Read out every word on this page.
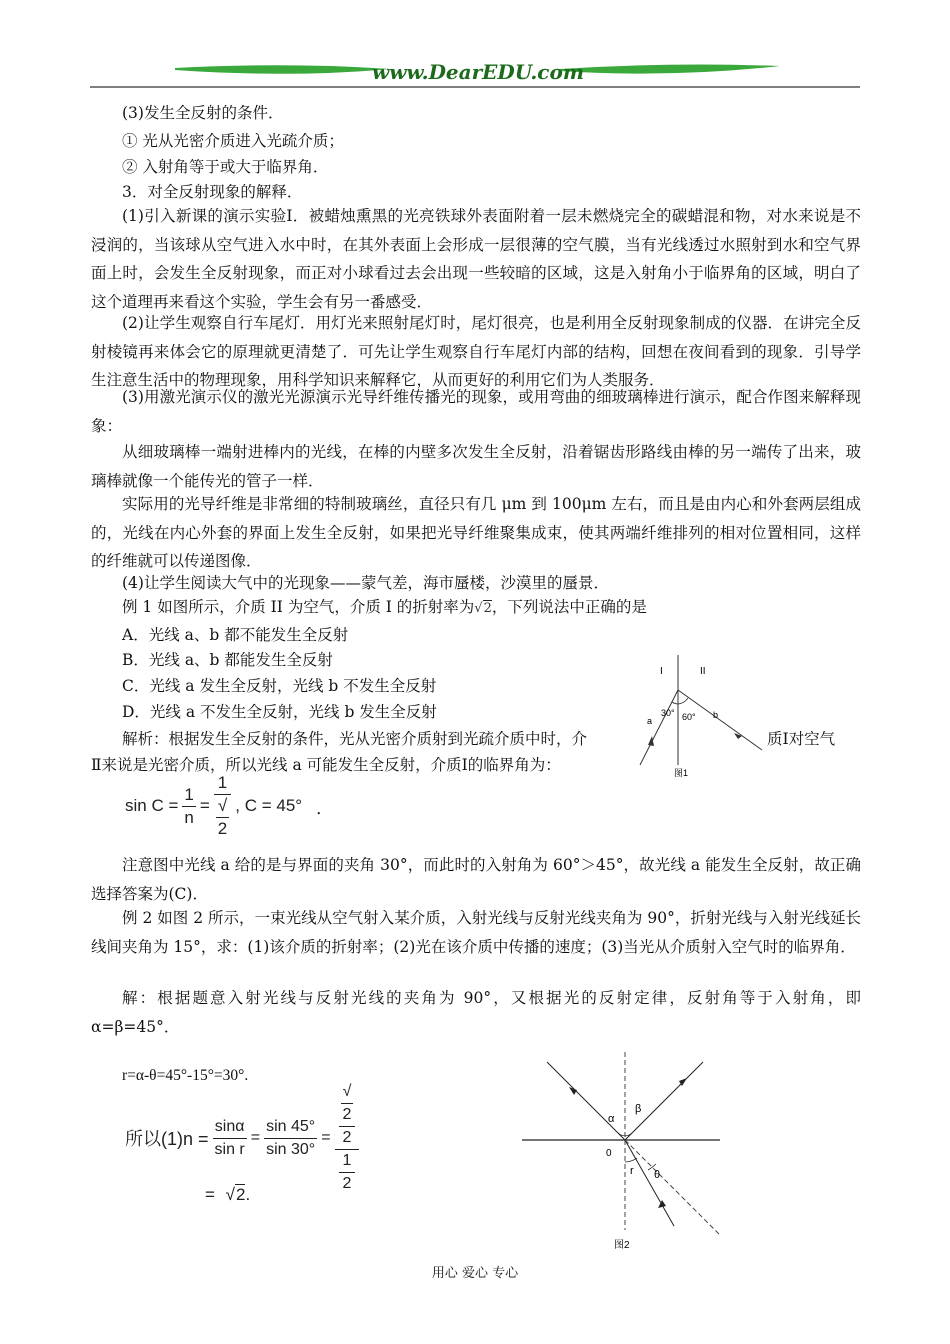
www.DearEDU.com
(3)发生全反射的条件．
① 光从光密介质进入光疏介质；
② 入射角等于或大于临界角．
3．对全反射现象的解释．
(1)引入新课的演示实验Ⅰ．被蜡烛熏黑的光亮铁球外表面附着一层未燃烧完全的碳蜡混和物，对水来说是不浸润的，当该球从空气进入水中时，在其外表面上会形成一层很薄的空气膜，当有光线透过水照射到水和空气界面上时，会发生全反射现象，而正对小球看过去会出现一些较暗的区域，这是入射角小于临界角的区域，明白了这个道理再来看这个实验，学生会有另一番感受．
(2)让学生观察自行车尾灯．用灯光来照射尾灯时，尾灯很亮，也是利用全反射现象制成的仪器．在讲完全反射棱镜再来体会它的原理就更清楚了．可先让学生观察自行车尾灯内部的结构，回想在夜间看到的现象．引导学生注意生活中的物理现象，用科学知识来解释它，从而更好的利用它们为人类服务．
(3)用激光演示仪的激光光源演示光导纤维传播光的现象，或用弯曲的细玻璃棒进行演示，配合作图来解释现象：
从细玻璃棒一端射进棒内的光线，在棒的内壁多次发生全反射，沿着锯齿形路线由棒的另一端传了出来，玻璃棒就像一个能传光的管子一样．
实际用的光导纤维是非常细的特制玻璃丝，直径只有几 μm 到 100μm 左右，而且是由内心和外套两层组成的，光线在内心外套的界面上发生全反射，如果把光导纤维聚集成束，使其两端纤维排列的相对位置相同，这样的纤维就可以传递图像．
(4)让学生阅读大气中的光现象——蒙气差，海市蜃楼，沙漠里的蜃景．
例 1 如图所示，介质 II 为空气，介质 I 的折射率为√2，下列说法中正确的是
A．光线 a、b 都不能发生全反射
B．光线 a、b 都能发生全反射
C．光线 a 发生全反射，光线 b 不发生全反射
D．光线 a 不发生全反射，光线 b 发生全反射
解析：根据发生全反射的条件，光从光密介质射到光疏介质中时，介	质Ⅰ对空气
Ⅱ来说是光密介质，所以光线 a 可能发生全反射，介质Ⅰ的临界角为：
$\sin C = \frac{1}{n} = 1$
√
2 , C = 45° ．
I	II
30° 60°
a
b
图1
注意图中光线 a 给的是与界面的夹角 30°，而此时的入射角为 60°＞45°，故光线 a 能发生全反射，故正确选择答案为(C)．
例 2 如图 2 所示，一束光线从空气射入某介质，入射光线与反射光线夹角为 90°，折射光线与入射光线延长线间夹角为 15°，求：(1)该介质的折射率；(2)光在该介质中传播的速度；(3)当光从介质射入空气时的临界角．
解：根据题意入射光线与反射光线的夹角为 90°，又根据光的反射定律，反射角等于入射角，即 α=β=45°．
r=α-θ=45°-15°=30°.
所以$(1)n = \frac{\sin\alpha}{\text{sin r}} = \frac{\sin 45^\circ}{\sin 30^\circ}$ = √
2
2
1
2
= √2.
α
β
0
r θ
图2
用心 爱心 专心
